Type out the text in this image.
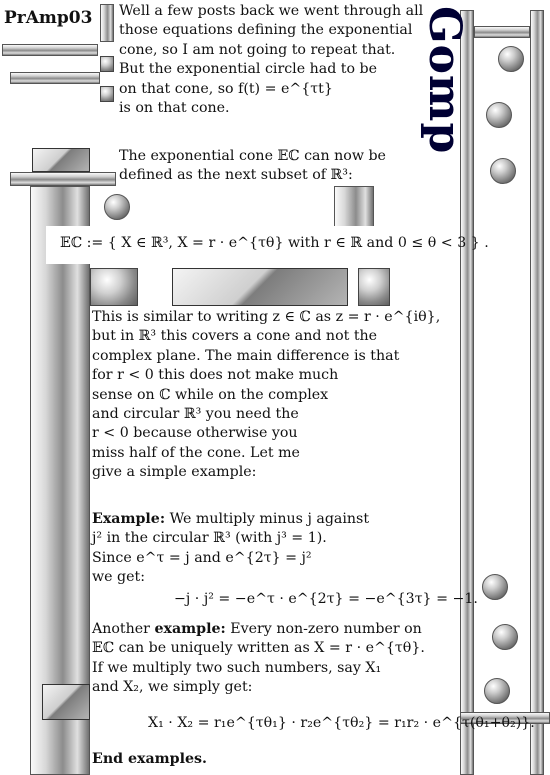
Gomp
PrAmp03 Well a few posts back we went through all
those equations defining the exponential
cone, so I am not going to repeat that.
But the exponential circle had to be
on that cone, so f(t) = e^{τt}
is on that cone.
The exponential cone 𝔼ℂ can now be
defined as the next subset of ℝ³:
𝔼ℂ := { X ∈ ℝ³, X = r · e^{τθ} with r ∈ ℝ and 0 ≤ θ < 3 } .
This is similar to writing z ∈ ℂ as z = r · e^{iθ},
but in ℝ³ this covers a cone and not the
complex plane. The main difference is that
for r < 0 this does not make much
sense on ℂ while on the complex
and circular ℝ³ you need the
r < 0 because otherwise you
miss half of the cone. Let me
give a simple example:
Example: We multiply minus j against
j² in the circular ℝ³ (with j³ = 1).
Since e^τ = j and e^{2τ} = j²
we get:
−j · j² = −e^τ · e^{2τ} = −e^{3τ} = −1.
Another example: Every non-zero number on
𝔼ℂ can be uniquely written as X = r · e^{τθ}.
If we multiply two such numbers, say X₁
and X₂, we simply get:
X₁ · X₂ = r₁e^{τθ₁} · r₂e^{τθ₂} = r₁r₂ · e^{τ(θ₁+θ₂)}.
End examples.
